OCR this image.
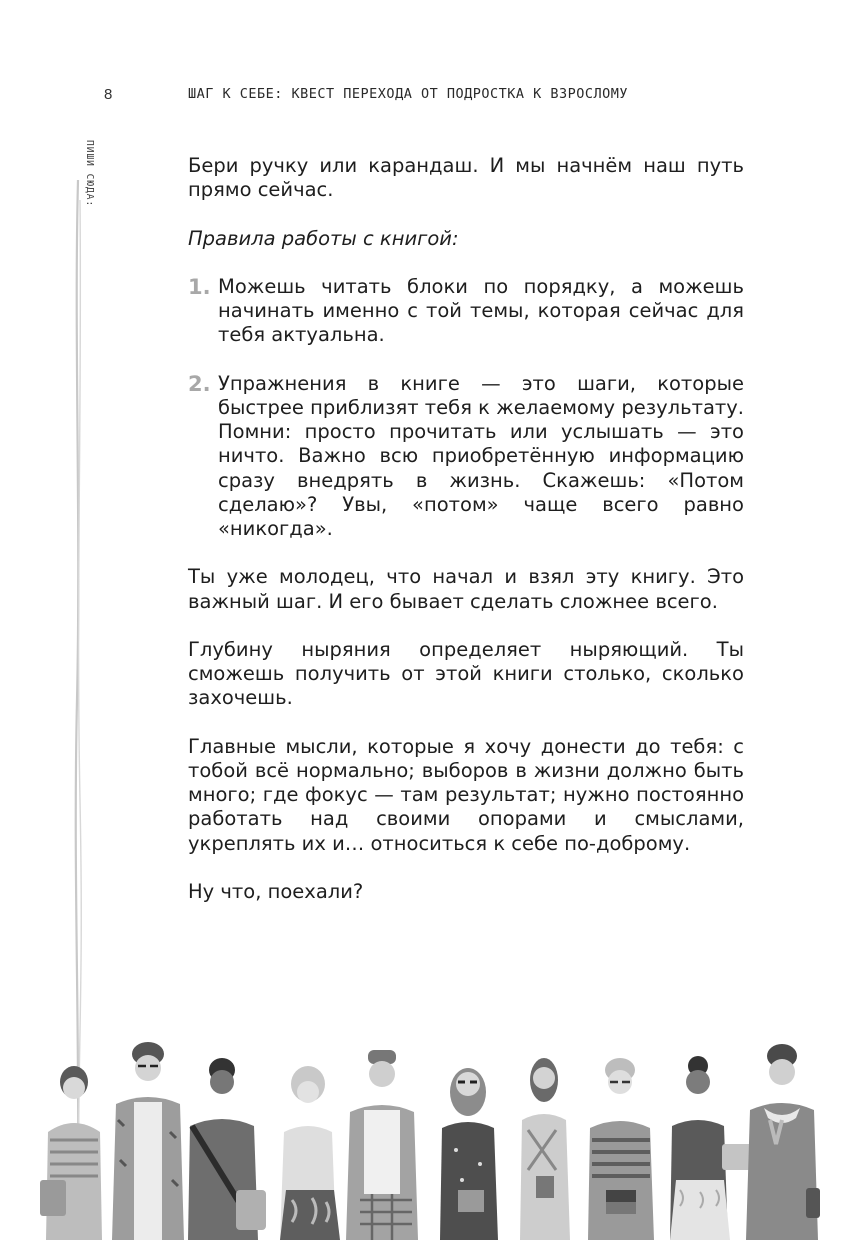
8	ШАГ К СЕБЕ: КВЕСТ ПЕРЕХОДА ОТ ПОДРОСТКА К ВЗРОСЛОМУ
ПИШИ СЮДА:	Бери ручку или карандаш. И мы начнём наш путь прямо сейчас.

Правила работы с книгой:

1. Можешь читать блоки по порядку, а можешь начинать именно с той темы, которая сейчас для тебя актуальна.
2. Упражнения в книге — это шаги, которые быстрее приблизят тебя к желаемому результату. Помни: просто прочитать или услышать — это ничто. Важно всю приобретённую информацию сразу внедрять в жизнь. Скажешь: «Потом сделаю»? Увы, «потом» чаще всего равно «никогда».

Ты уже молодец, что начал и взял эту книгу. Это важный шаг. И его бывает сделать сложнее всего.

Глубину ныряния определяет ныряющий. Ты сможешь получить от этой книги столько, сколько захочешь.

Главные мысли, которые я хочу донести до тебя: с тобой всё нормально; выборов в жизни должно быть много; где фокус — там результат; нужно постоянно работать над своими опорами и смыслами, укреплять их и… относиться к себе по-доброму.

Ну что, поехали?
